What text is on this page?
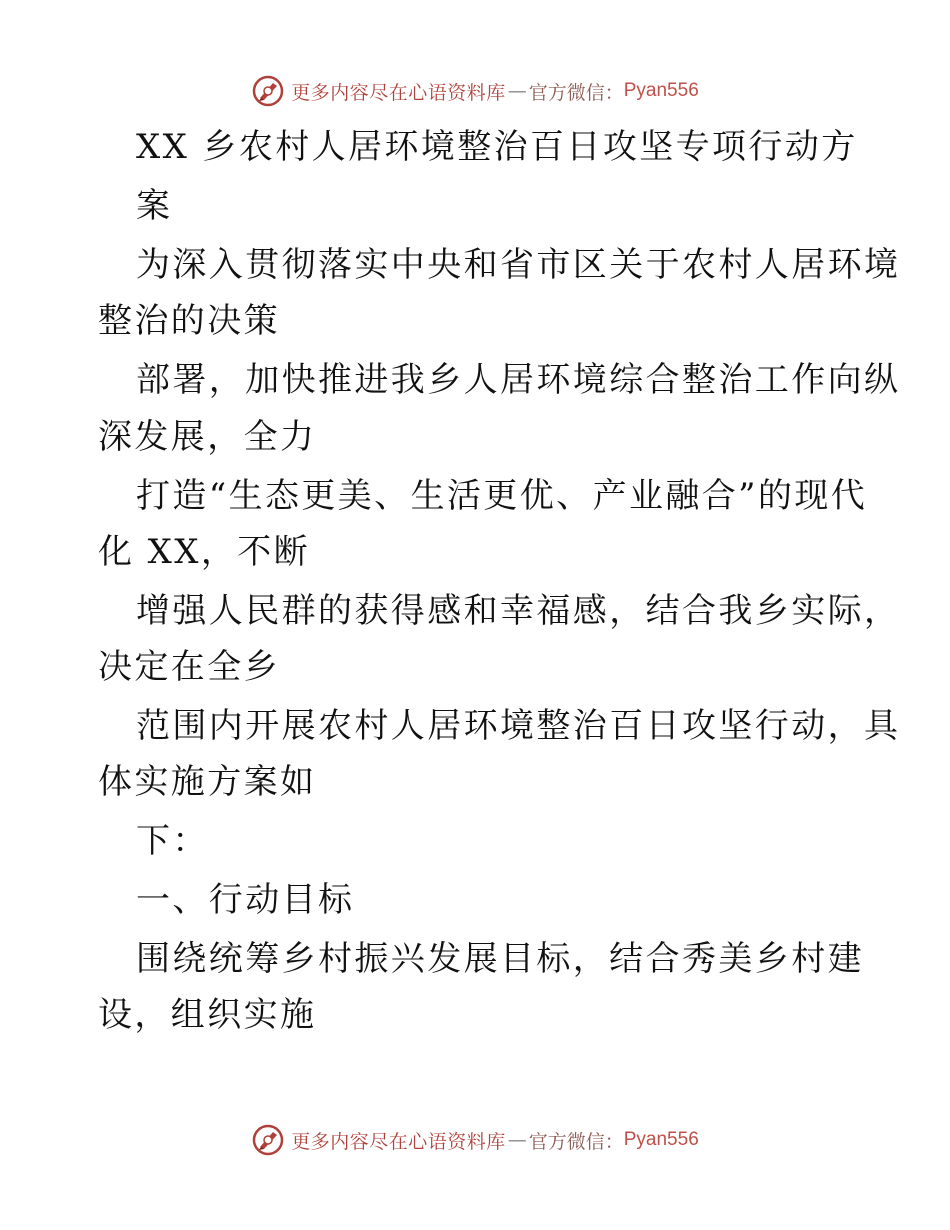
更多内容尽在心语资料库 — 官方微信： Pyan556
XX 乡农村人居环境整治百日攻坚专项行动方
案
为深入贯彻落实中央和省市区关于农村人居环境
整治的决策
部署，加快推进我乡人居环境综合整治工作向纵
深发展，全力
打造“生态更美、生活更优、产业融合”的现代
化 XX，不断
增强人民群的获得感和幸福感，结合我乡实际，
决定在全乡
范围内开展农村人居环境整治百日攻坚行动，具
体实施方案如
下：
一、行动目标
围绕统筹乡村振兴发展目标，结合秀美乡村建
设，组织实施
更多内容尽在心语资料库 — 官方微信： Pyan556
